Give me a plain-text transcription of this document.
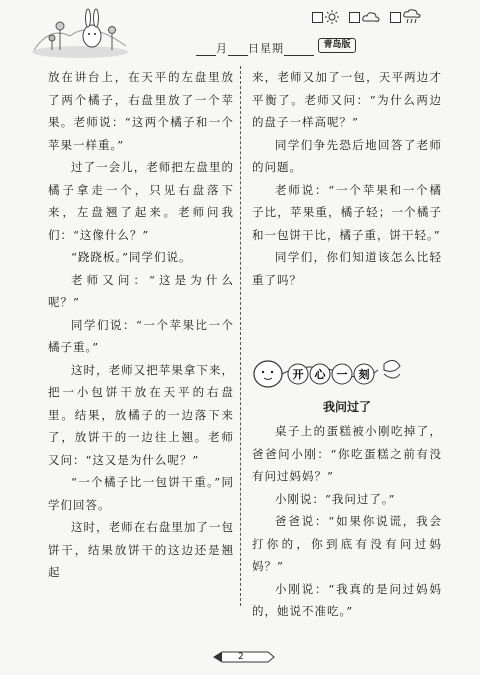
月 日星期	青岛版

放在讲台上，在天平的左盘里放了两个橘子，右盘里放了一个苹果。老师说：“这两个橘子和一个苹果一样重。”

过了一会儿，老师把左盘里的橘子拿走一个，只见右盘落下来，左盘翘了起来。老师问我们：“这像什么？”

“跷跷板。”同学们说。

老师又问：“这是为什么呢？”

同学们说：“一个苹果比一个橘子重。”

这时，老师又把苹果拿下来，把一小包饼干放在天平的右盘里。结果，放橘子的一边落下来了，放饼干的一边往上翘。老师又问：“这又是为什么呢？”

“一个橘子比一包饼干重。”同学们回答。

这时，老师在右盘里加了一包饼干，结果放饼干的这边还是翘起

来，老师又加了一包，天平两边才平衡了。老师又问：“为什么两边的盘子一样高呢？”

同学们争先恐后地回答了老师的问题。

老师说：“一个苹果和一个橘子比，苹果重，橘子轻；一个橘子和一包饼干比，橘子重，饼干轻。”

同学们，你们知道该怎么比轻重了吗？

开 心 一 刻
我问过了

桌子上的蛋糕被小刚吃掉了，爸爸问小刚：“你吃蛋糕之前有没有问过妈妈？”

小刚说：“我问过了。”

爸爸说：“如果你说谎，我会打你的，你到底有没有问过妈妈？”

小刚说：“我真的是问过妈妈的，她说不准吃。”

2
